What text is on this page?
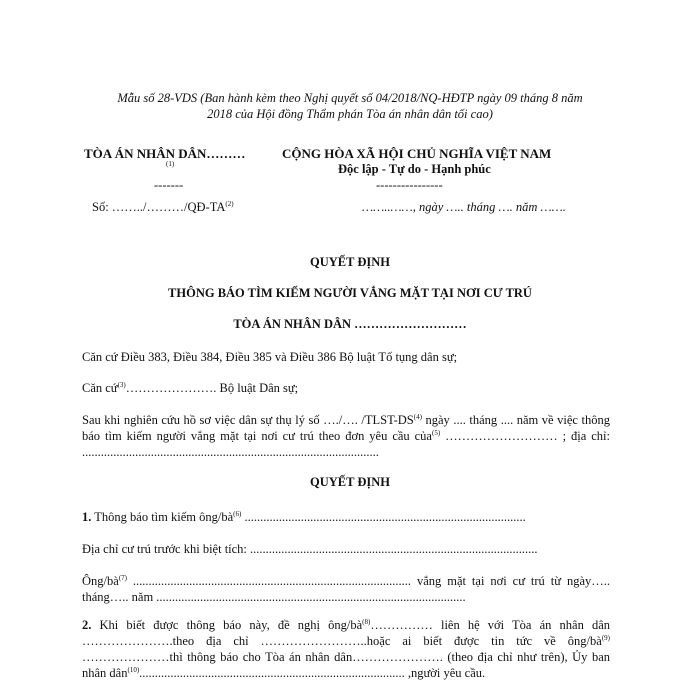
Mẫu số 28-VDS (Ban hành kèm theo Nghị quyết số 04/2018/NQ-HĐTP ngày 09 tháng 8 năm
2018 của Hội đồng Thẩm phán Tòa án nhân dân tối cao)
TÒA ÁN NHÂN DÂN………
(1)
-------
Số: ……../………/QĐ-TA$^{(2)}$
CỘNG HÒA XÃ HỘI CHỦ NGHĨA VIỆT NAM
Độc lập - Tự do - Hạnh phúc
----------------
……..……, ngày ….. tháng …. năm …….
QUYẾT ĐỊNH
THÔNG BÁO TÌM KIẾM NGƯỜI VẮNG MẶT TẠI NƠI CƯ TRÚ
TÒA ÁN NHÂN DÂN ………………………
Căn cứ Điều 383, Điều 384, Điều 385 và Điều 386 Bộ luật Tố tụng dân sự;
Căn cứ$^{(3)}$…………………. Bộ luật Dân sự;
Sau khi nghiên cứu hồ sơ việc dân sự thụ lý số …./…. /TLST-DS$^{(4)}$ ngày .... tháng .... năm về việc thông báo tìm kiếm người vắng mặt tại nơi cư trú theo đơn yêu cầu của$^{(5)}$ ……………………… ; địa chỉ: ...............................................................................................
QUYẾT ĐỊNH
1. Thông báo tìm kiếm ông/$bà^{(6)}$ ..........................................................................................
Địa chỉ cư trú trước khi biệt tích: ............................................................................................
Ông/$bà^{(7)}$ ......................................................................................... vắng mặt tại nơi cư trú từ ngày….. tháng….. năm ...................................................................................................
2. Khi biết được thông báo này, đề nghị ông/$bà^{(8)}\dots\dots\dots\dots\dots$ liên hệ với Tòa án nhân dân ………………….theo địa chỉ ……………………..hoặc ai biết được tin tức về ông/$bà^{(9)}$ …………………thì thông báo cho Tòa án nhân dân…………………. (theo địa chỉ như trên), Ủy ban nhân dân$^{(10)}$..................................................................................... ,người yêu cầu.
